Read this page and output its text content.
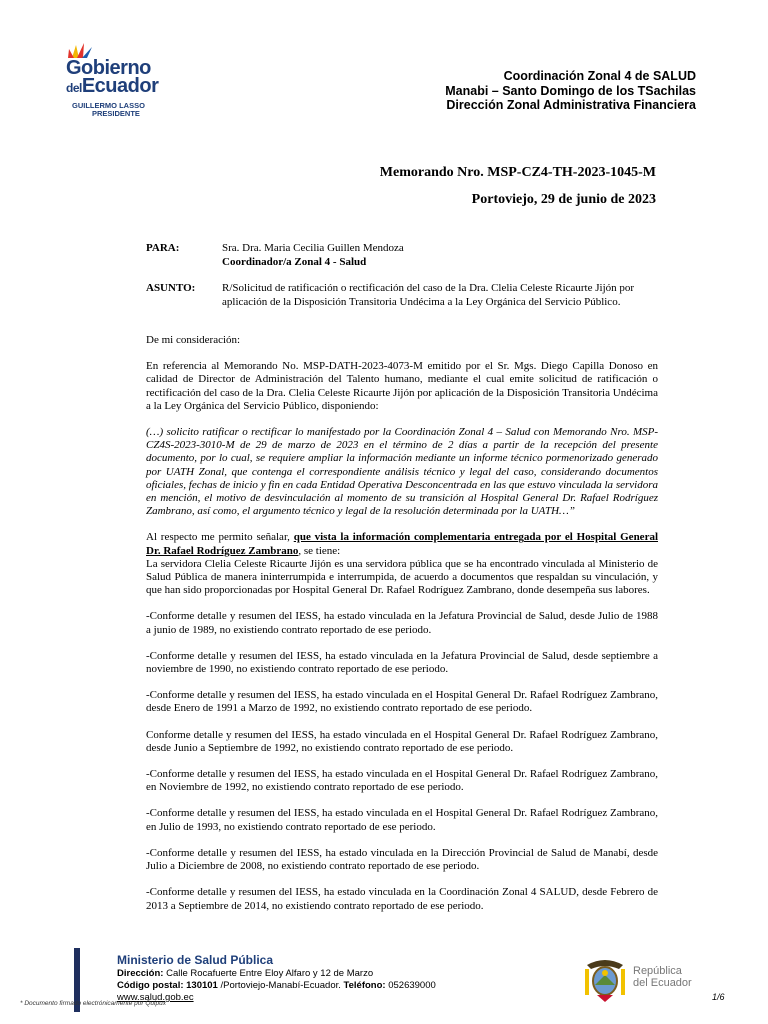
Gobierno
delEcuador
GUILLERMO LASSO
PRESIDENTE
Coordinación Zonal 4 de SALUD
Manabi – Santo Domingo de los TSachilas
Dirección Zonal Administrativa Financiera
Memorando Nro. MSP-CZ4-TH-2023-1045-M
Portoviejo, 29 de junio de 2023
PARA:	Sra. Dra. Maria Cecilia Guillen Mendoza
Coordinador/a Zonal 4 - Salud
ASUNTO: R/Solicitud de ratificación o rectificación del caso de la Dra. Clelia Celeste Ricaurte Jijón por aplicación de la Disposición Transitoria Undécima a la Ley Orgánica del Servicio Público.

De mi consideración:

En referencia al Memorando No. MSP-DATH-2023-4073-M emitido por el Sr. Mgs. Diego Capilla Donoso en calidad de Director de Administración del Talento humano, mediante el cual emite solicitud de ratificación o rectificación del caso de la Dra. Clelia Celeste Ricaurte Jijón por aplicación de la Disposición Transitoria Undécima a la Ley Orgánica del Servicio Público, disponiendo:

(…) solicito ratificar o rectificar lo manifestado por la Coordinación Zonal 4 – Salud con Memorando Nro. MSP-CZ4S-2023-3010-M de 29 de marzo de 2023 en el término de 2 días a partir de la recepción del presente documento, por lo cual, se requiere ampliar la información mediante un informe técnico pormenorizado generado por UATH Zonal, que contenga el correspondiente análisis técnico y legal del caso, considerando documentos oficiales, fechas de inicio y fin en cada Entidad Operativa Desconcentrada en las que estuvo vinculada la servidora en mención, el motivo de desvinculación al momento de su transición al Hospital General Dr. Rafael Rodríguez Zambrano, así como, el argumento técnico y legal de la resolución determinada por la UATH…”

Al respecto me permito señalar, que vista la información complementaria entregada por el Hospital General Dr. Rafael Rodríguez Zambrano, se tiene:

La servidora Clelia Celeste Ricaurte Jijón es una servidora pública que se ha encontrado vinculada al Ministerio de Salud Pública de manera ininterrumpida e interrumpida, de acuerdo a documentos que respaldan su vinculación, y que han sido proporcionadas por Hospital General Dr. Rafael Rodríguez Zambrano, donde desempeña sus labores.

-Conforme detalle y resumen del IESS, ha estado vinculada en la Jefatura Provincial de Salud, desde Julio de 1988 a junio de 1989, no existiendo contrato reportado de ese periodo.

-Conforme detalle y resumen del IESS, ha estado vinculada en la Jefatura Provincial de Salud, desde septiembre a noviembre de 1990, no existiendo contrato reportado de ese periodo.

-Conforme detalle y resumen del IESS, ha estado vinculada en el Hospital General Dr. Rafael Rodríguez Zambrano, desde Enero de 1991 a Marzo de 1992, no existiendo contrato reportado de ese periodo.

Conforme detalle y resumen del IESS, ha estado vinculada en el Hospital General Dr. Rafael Rodríguez Zambrano, desde Junio a Septiembre de 1992, no existiendo contrato reportado de ese periodo.

-Conforme detalle y resumen del IESS, ha estado vinculada en el Hospital General Dr. Rafael Rodríguez Zambrano, en Noviembre de 1992, no existiendo contrato reportado de ese periodo.

-Conforme detalle y resumen del IESS, ha estado vinculada en el Hospital General Dr. Rafael Rodríguez Zambrano, en Julio de 1993, no existiendo contrato reportado de ese periodo.

-Conforme detalle y resumen del IESS, ha estado vinculada en la Dirección Provincial de Salud de Manabí, desde Julio a Diciembre de 2008, no existiendo contrato reportado de ese periodo.

-Conforme detalle y resumen del IESS, ha estado vinculada en la Coordinación Zonal 4 SALUD, desde Febrero de 2013 a Septiembre de 2014, no existiendo contrato reportado de ese periodo.

Ministerio de Salud Pública
Dirección: Calle Rocafuerte Entre Eloy Alfaro y 12 de Marzo
Código postal: 130101 /Portoviejo-Manabí-Ecuador. Teléfono: 052639000
www.salud.gob.ec
* Documento firmado electrónicamente por Quipux
República
del Ecuador
1/6
